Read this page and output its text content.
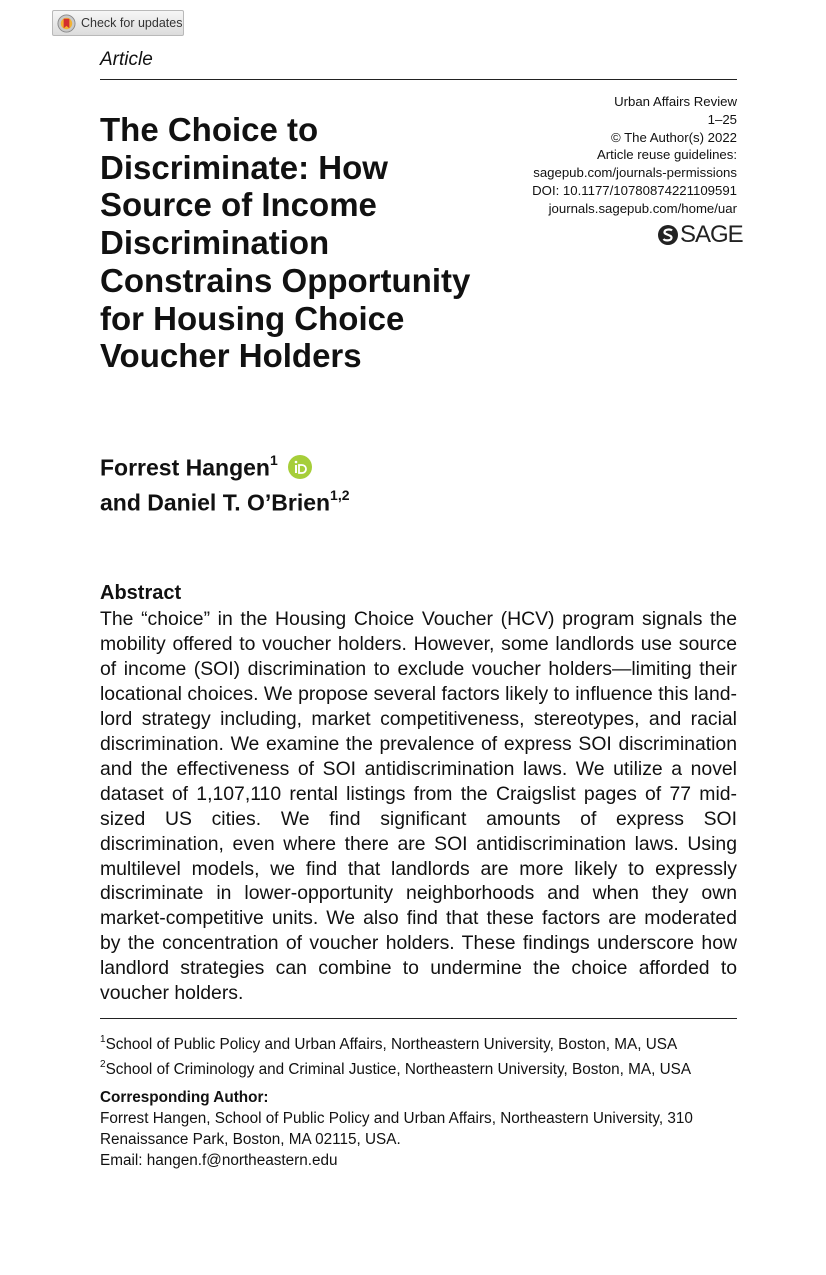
Check for updates
Article
Urban Affairs Review
1–25
© The Author(s) 2022
Article reuse guidelines:
sagepub.com/journals-permissions
DOI: 10.1177/10780874221109591
journals.sagepub.com/home/uar
SAGE
The Choice to
Discriminate: How
Source of Income
Discrimination
Constrains Opportunity
for Housing Choice
Voucher Holders
Forrest Hangen$^1$
and Daniel T. O’Brien$^{1,2}$
Abstract

The “choice” in the Housing Choice Voucher (HCV) program signals the mobility offered to voucher holders. However, some landlords use source of income (SOI) discrimination to exclude voucher holders—limiting their locational choices. We propose several factors likely to influence this landlord strategy including, market competitiveness, stereotypes, and racial discrimination. We examine the prevalence of express SOI discrimination and the effectiveness of SOI antidiscrimination laws. We utilize a novel dataset of 1,107,110 rental listings from the Craigslist pages of 77 mid-sized US cities. We find significant amounts of express SOI discrimination, even where there are SOI antidiscrimination laws. Using multilevel models, we find that landlords are more likely to expressly discriminate in lower-opportunity neighborhoods and when they own market-competitive units. We also find that these factors are moderated by the concentration of voucher holders. These findings underscore how landlord strategies can combine to undermine the choice afforded to voucher holders.

$^1$School of Public Policy and Urban Affairs, Northeastern University, Boston, MA, USA
$^2$School of Criminology and Criminal Justice, Northeastern University, Boston, MA, USA
Corresponding Author:
Forrest Hangen, School of Public Policy and Urban Affairs, Northeastern University, 310
Renaissance Park, Boston, MA 02115, USA.
Email: hangen.f@northeastern.edu
